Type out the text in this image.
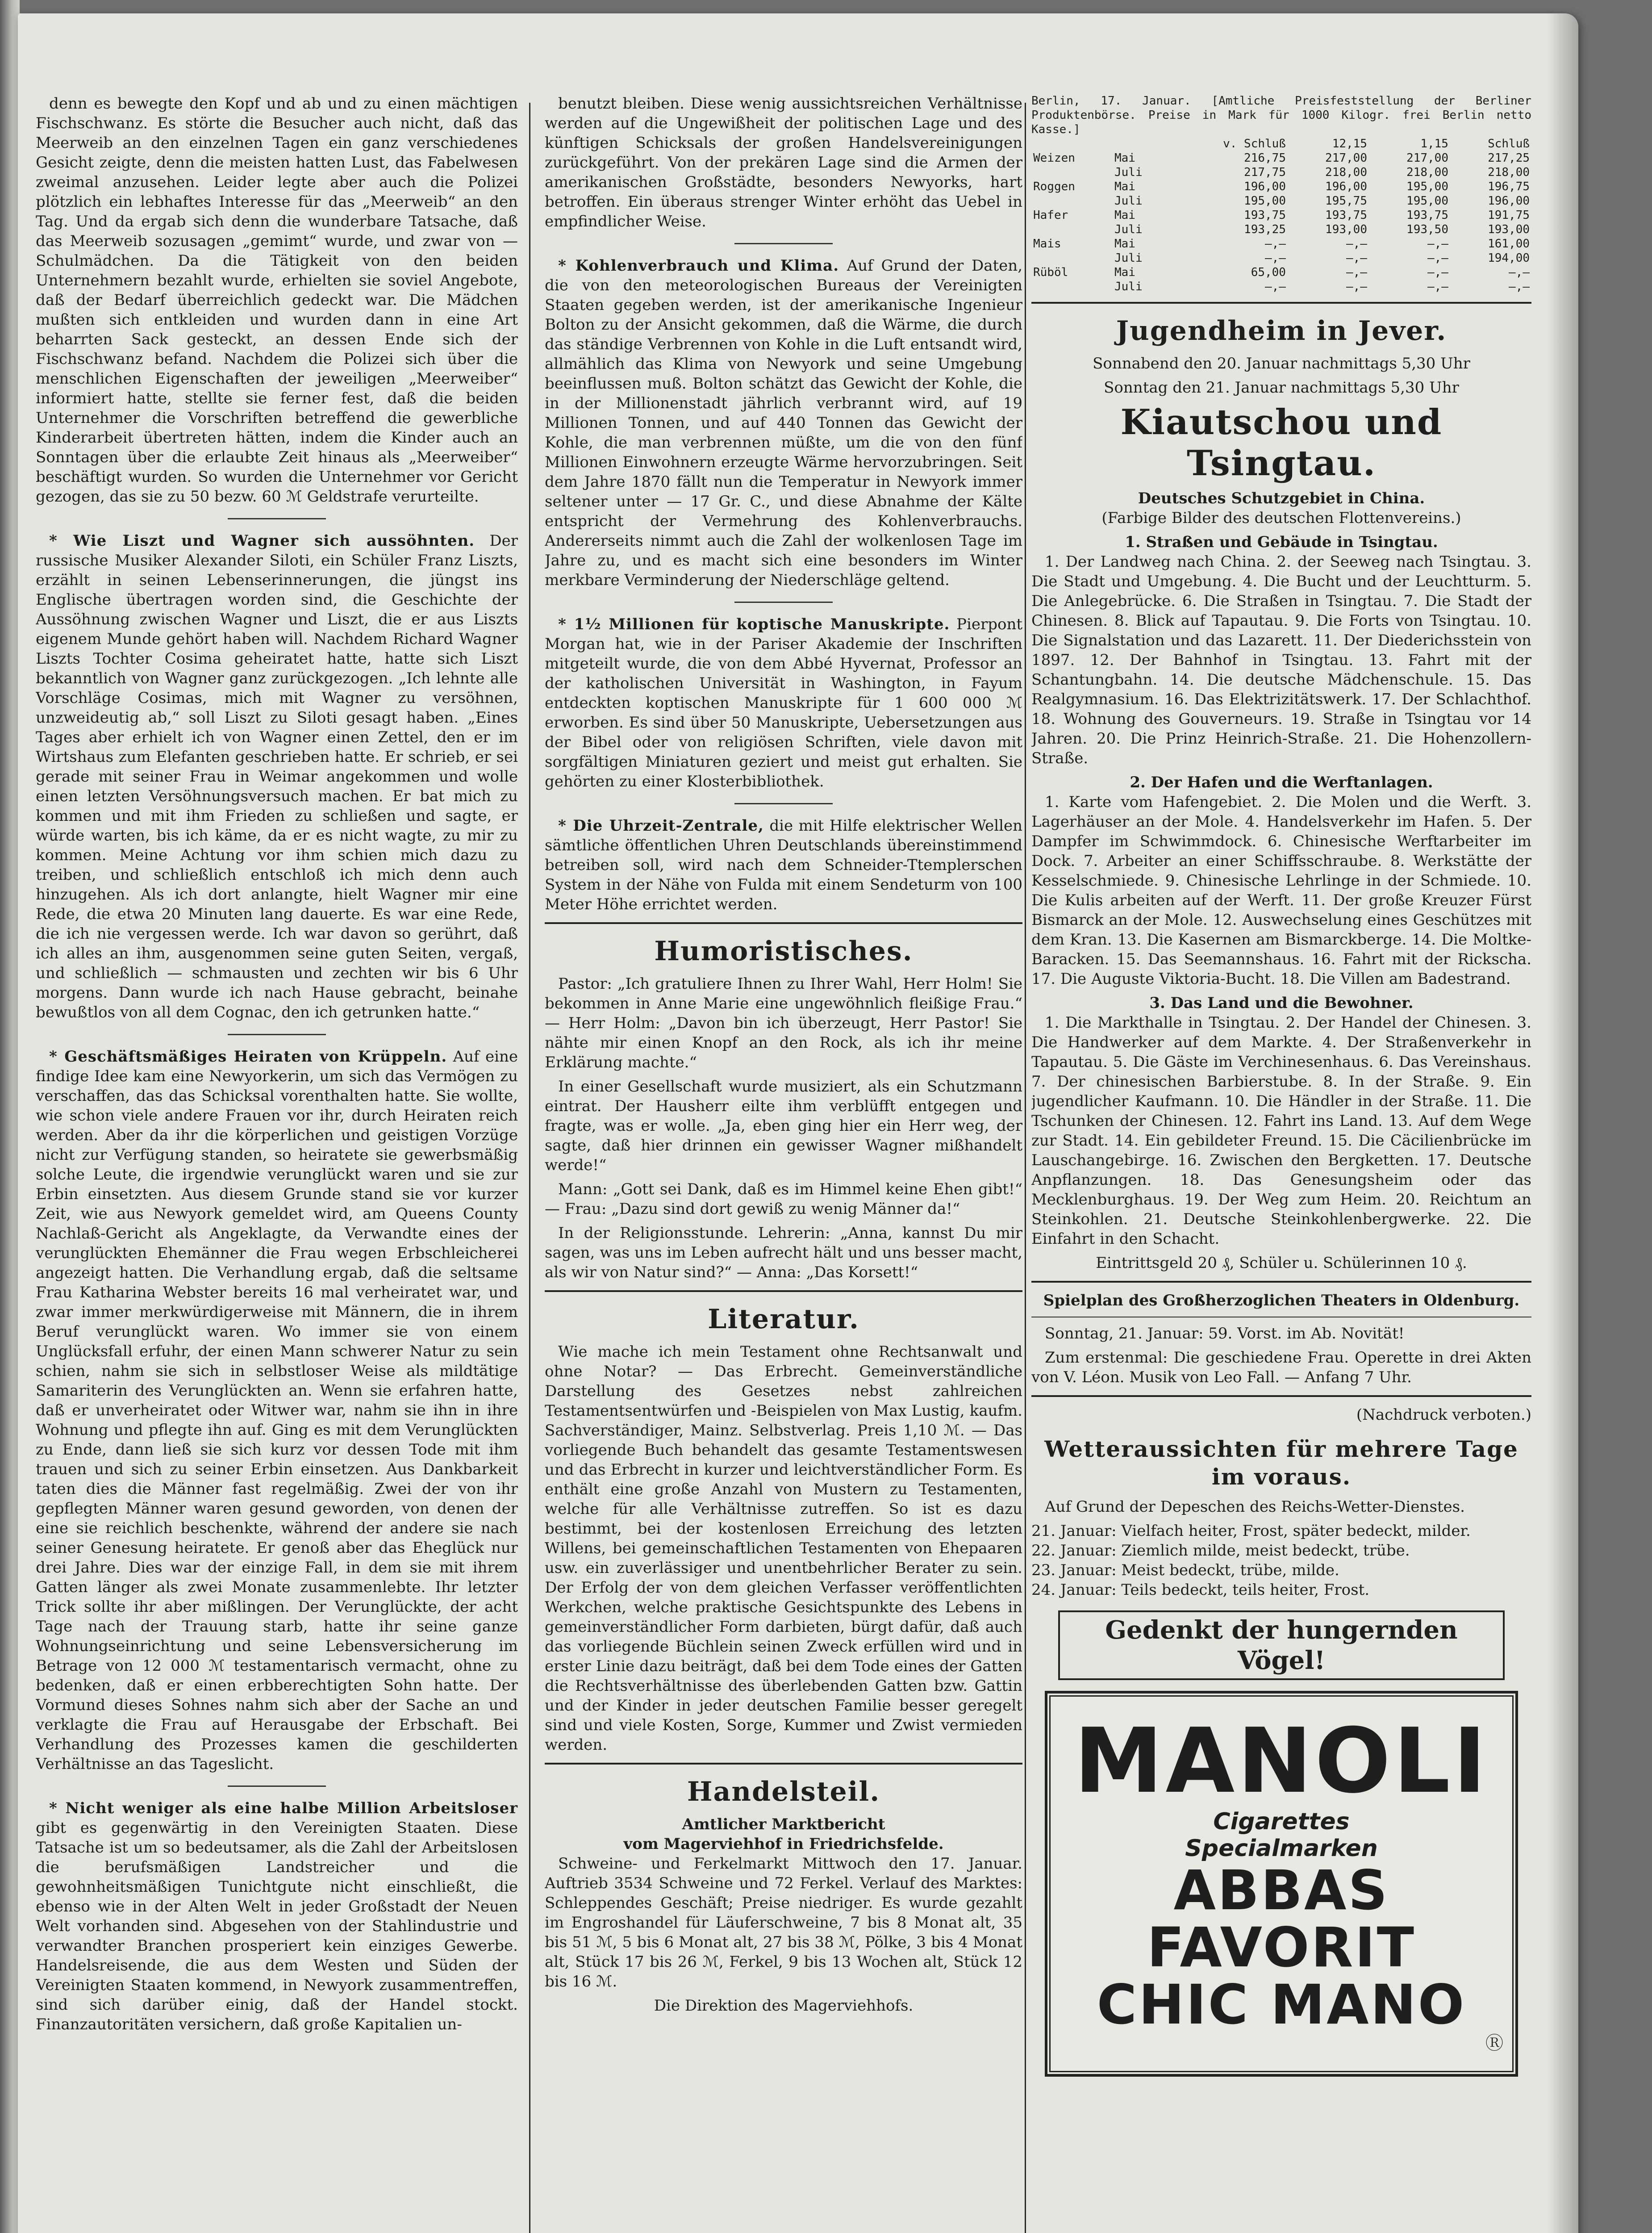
denn es bewegte den Kopf und ab und zu einen mächtigen Fischschwanz. Es störte die Besucher auch nicht, daß das Meerweib an den einzelnen Tagen ein ganz verschiedenes Gesicht zeigte, denn die meisten hatten Lust, das Fabelwesen zweimal anzusehen. Leider legte aber auch die Polizei plötzlich ein lebhaftes Interesse für das „Meerweib“ an den Tag. Und da ergab sich denn die wunderbare Tatsache, daß das Meerweib sozusagen „gemimt“ wurde, und zwar von — Schulmädchen. Da die Tätigkeit von den beiden Unternehmern bezahlt wurde, erhielten sie soviel Angebote, daß der Bedarf überreichlich gedeckt war. Die Mädchen mußten sich entkleiden und wurden dann in eine Art beharrten Sack gesteckt, an dessen Ende sich der Fischschwanz befand. Nachdem die Polizei sich über die menschlichen Eigenschaften der jeweiligen „Meerweiber“ informiert hatte, stellte sie ferner fest, daß die beiden Unternehmer die Vorschriften betreffend die gewerbliche Kinderarbeit übertreten hätten, indem die Kinder auch an Sonntagen über die erlaubte Zeit hinaus als „Meerweiber“ beschäftigt wurden. So wurden die Unternehmer vor Gericht gezogen, das sie zu 50 bezw. 60 ℳ Geldstrafe verurteilte.

* Wie Liszt und Wagner sich aussöhnten. Der russische Musiker Alexander Siloti, ein Schüler Franz Liszts, erzählt in seinen Lebenserinnerungen, die jüngst ins Englische übertragen worden sind, die Geschichte der Aussöhnung zwischen Wagner und Liszt, die er aus Liszts eigenem Munde gehört haben will. Nachdem Richard Wagner Liszts Tochter Cosima geheiratet hatte, hatte sich Liszt bekanntlich von Wagner ganz zurückgezogen. „Ich lehnte alle Vorschläge Cosimas, mich mit Wagner zu versöhnen, unzweideutig ab,“ soll Liszt zu Siloti gesagt haben. „Eines Tages aber erhielt ich von Wagner einen Zettel, den er im Wirtshaus zum Elefanten geschrieben hatte. Er schrieb, er sei gerade mit seiner Frau in Weimar angekommen und wolle einen letzten Versöhnungsversuch machen. Er bat mich zu kommen und mit ihm Frieden zu schließen und sagte, er würde warten, bis ich käme, da er es nicht wagte, zu mir zu kommen. Meine Achtung vor ihm schien mich dazu zu treiben, und schließlich entschloß ich mich denn auch hinzugehen. Als ich dort anlangte, hielt Wagner mir eine Rede, die etwa 20 Minuten lang dauerte. Es war eine Rede, die ich nie vergessen werde. Ich war davon so gerührt, daß ich alles an ihm, ausgenommen seine guten Seiten, vergaß, und schließlich — schmausten und zechten wir bis 6 Uhr morgens. Dann wurde ich nach Hause gebracht, beinahe bewußtlos von all dem Cognac, den ich getrunken hatte.“

* Geschäftsmäßiges Heiraten von Krüppeln. Auf eine findige Idee kam eine Newyorkerin, um sich das Vermögen zu verschaffen, das das Schicksal vorenthalten hatte. Sie wollte, wie schon viele andere Frauen vor ihr, durch Heiraten reich werden. Aber da ihr die körperlichen und geistigen Vorzüge nicht zur Verfügung standen, so heiratete sie gewerbsmäßig solche Leute, die irgendwie verunglückt waren und sie zur Erbin einsetzten. Aus diesem Grunde stand sie vor kurzer Zeit, wie aus Newyork gemeldet wird, am Queens County Nachlaß-Gericht als Angeklagte, da Verwandte eines der verunglückten Ehemänner die Frau wegen Erbschleicherei angezeigt hatten. Die Verhandlung ergab, daß die seltsame Frau Katharina Webster bereits 16 mal verheiratet war, und zwar immer merkwürdigerweise mit Männern, die in ihrem Beruf verunglückt waren. Wo immer sie von einem Unglücksfall erfuhr, der einen Mann schwerer Natur zu sein schien, nahm sie sich in selbstloser Weise als mildtätige Samariterin des Verunglückten an. Wenn sie erfahren hatte, daß er unverheiratet oder Witwer war, nahm sie ihn in ihre Wohnung und pflegte ihn auf. Ging es mit dem Verunglückten zu Ende, dann ließ sie sich kurz vor dessen Tode mit ihm trauen und sich zu seiner Erbin einsetzen. Aus Dankbarkeit taten dies die Männer fast regelmäßig. Zwei der von ihr gepflegten Männer waren gesund geworden, von denen der eine sie reichlich beschenkte, während der andere sie nach seiner Genesung heiratete. Er genoß aber das Eheglück nur drei Jahre. Dies war der einzige Fall, in dem sie mit ihrem Gatten länger als zwei Monate zusammenlebte. Ihr letzter Trick sollte ihr aber mißlingen. Der Verunglückte, der acht Tage nach der Trauung starb, hatte ihr seine ganze Wohnungseinrichtung und seine Lebensversicherung im Betrage von 12 000 ℳ testamentarisch vermacht, ohne zu bedenken, daß er einen erbberechtigten Sohn hatte. Der Vormund dieses Sohnes nahm sich aber der Sache an und verklagte die Frau auf Herausgabe der Erbschaft. Bei Verhandlung des Prozesses kamen die geschilderten Verhältnisse an das Tageslicht.

* Nicht weniger als eine halbe Million Arbeitsloser gibt es gegenwärtig in den Vereinigten Staaten. Diese Tatsache ist um so bedeutsamer, als die Zahl der Arbeitslosen die berufsmäßigen Landstreicher und die gewohnheitsmäßigen Tunichtgute nicht einschließt, die ebenso wie in der Alten Welt in jeder Großstadt der Neuen Welt vorhanden sind. Abgesehen von der Stahlindustrie und verwandter Branchen prosperiert kein einziges Gewerbe. Handelsreisende, die aus dem Westen und Süden der Vereinigten Staaten kommend, in Newyork zusammentreffen, sind sich darüber einig, daß der Handel stockt. Finanzautoritäten versichern, daß große Kapitalien un-

benutzt bleiben. Diese wenig aussichtsreichen Verhältnisse werden auf die Ungewißheit der politischen Lage und des künftigen Schicksals der großen Handelsvereinigungen zurückgeführt. Von der prekären Lage sind die Armen der amerikanischen Großstädte, besonders Newyorks, hart betroffen. Ein überaus strenger Winter erhöht das Uebel in empfindlicher Weise.

* Kohlenverbrauch und Klima. Auf Grund der Daten, die von den meteorologischen Bureaus der Vereinigten Staaten gegeben werden, ist der amerikanische Ingenieur Bolton zu der Ansicht gekommen, daß die Wärme, die durch das ständige Verbrennen von Kohle in die Luft entsandt wird, allmählich das Klima von Newyork und seine Umgebung beeinflussen muß. Bolton schätzt das Gewicht der Kohle, die in der Millionenstadt jährlich verbrannt wird, auf 19 Millionen Tonnen, und auf 440 Tonnen das Gewicht der Kohle, die man verbrennen müßte, um die von den fünf Millionen Einwohnern erzeugte Wärme hervorzubringen. Seit dem Jahre 1870 fällt nun die Temperatur in Newyork immer seltener unter — 17 Gr. C., und diese Abnahme der Kälte entspricht der Vermehrung des Kohlenverbrauchs. Andererseits nimmt auch die Zahl der wolkenlosen Tage im Jahre zu, und es macht sich eine besonders im Winter merkbare Verminderung der Niederschläge geltend.

* 1½ Millionen für koptische Manuskripte. Pierpont Morgan hat, wie in der Pariser Akademie der Inschriften mitgeteilt wurde, die von dem Abbé Hyvernat, Professor an der katholischen Universität in Washington, in Fayum entdeckten koptischen Manuskripte für 1 600 000 ℳ erworben. Es sind über 50 Manuskripte, Uebersetzungen aus der Bibel oder von religiösen Schriften, viele davon mit sorgfältigen Miniaturen geziert und meist gut erhalten. Sie gehörten zu einer Klosterbibliothek.

* Die Uhrzeit-Zentrale, die mit Hilfe elektrischer Wellen sämtliche öffentlichen Uhren Deutschlands übereinstimmend betreiben soll, wird nach dem Schneider-Ttemplerschen System in der Nähe von Fulda mit einem Sendeturm von 100 Meter Höhe errichtet werden.

Humoristisches.

Pastor: „Ich gratuliere Ihnen zu Ihrer Wahl, Herr Holm! Sie bekommen in Anne Marie eine ungewöhnlich fleißige Frau.“ — Herr Holm: „Davon bin ich überzeugt, Herr Pastor! Sie nähte mir einen Knopf an den Rock, als ich ihr meine Erklärung machte.“

In einer Gesellschaft wurde musiziert, als ein Schutzmann eintrat. Der Hausherr eilte ihm verblüfft entgegen und fragte, was er wolle. „Ja, eben ging hier ein Herr weg, der sagte, daß hier drinnen ein gewisser Wagner mißhandelt werde!“

Mann: „Gott sei Dank, daß es im Himmel keine Ehen gibt!“ — Frau: „Dazu sind dort gewiß zu wenig Männer da!“

In der Religionsstunde. Lehrerin: „Anna, kannst Du mir sagen, was uns im Leben aufrecht hält und uns besser macht, als wir von Natur sind?“ — Anna: „Das Korsett!“

Literatur.

Wie mache ich mein Testament ohne Rechtsanwalt und ohne Notar? — Das Erbrecht. Gemeinverständliche Darstellung des Gesetzes nebst zahlreichen Testamentsentwürfen und -Beispielen von Max Lustig, kaufm. Sachverständiger, Mainz. Selbstverlag. Preis 1,10 ℳ. — Das vorliegende Buch behandelt das gesamte Testamentswesen und das Erbrecht in kurzer und leichtverständlicher Form. Es enthält eine große Anzahl von Mustern zu Testamenten, welche für alle Verhältnisse zutreffen. So ist es dazu bestimmt, bei der kostenlosen Erreichung des letzten Willens, bei gemeinschaftlichen Testamenten von Ehepaaren usw. ein zuverlässiger und unentbehrlicher Berater zu sein. Der Erfolg der von dem gleichen Verfasser veröffentlichten Werkchen, welche praktische Gesichtspunkte des Lebens in gemeinverständlicher Form darbieten, bürgt dafür, daß auch das vorliegende Büchlein seinen Zweck erfüllen wird und in erster Linie dazu beiträgt, daß bei dem Tode eines der Gatten die Rechtsverhältnisse des überlebenden Gatten bzw. Gattin und der Kinder in jeder deutschen Familie besser geregelt sind und viele Kosten, Sorge, Kummer und Zwist vermieden werden.

Handelsteil.
Amtlicher Marktbericht
vom Magerviehhof in Friedrichsfelde.

Schweine- und Ferkelmarkt Mittwoch den 17. Januar. Auftrieb 3534 Schweine und 72 Ferkel. Verlauf des Marktes: Schleppendes Geschäft; Preise niedriger. Es wurde gezahlt im Engroshandel für Läuferschweine, 7 bis 8 Monat alt, 35 bis 51 ℳ, 5 bis 6 Monat alt, 27 bis 38 ℳ, Pölke, 3 bis 4 Monat alt, Stück 17 bis 26 ℳ, Ferkel, 9 bis 13 Wochen alt, Stück 12 bis 16 ℳ.

Die Direktion des Magerviehhofs.

Berlin, 17. Januar. [Amtliche Preisfeststellung der Berliner Produktenbörse. Preise in Mark für 1000 Kilogr. frei Berlin netto Kasse.]
		v. Schluß	12,15	1,15	Schluß
Weizen	Mai	216,75	217,00	217,00	217,25
	Juli	217,75	218,00	218,00	218,00
Roggen	Mai	196,00	196,00	195,00	196,75
	Juli	195,00	195,75	195,00	196,00
Hafer	Mai	193,75	193,75	193,75	191,75
	Juli	193,25	193,00	193,50	193,00
Mais	Mai	—,—	—,—	—,—	161,00
	Juli	—,—	—,—	—,—	194,00
Rüböl	Mai	65,00	—,—	—,—	—,—
	Juli	—,—	—,—	—,—	—,—
Jugendheim in Jever.

Sonnabend den 20. Januar nachmittags 5,30 Uhr

Sonntag den 21. Januar nachmittags 5,30 Uhr

Kiautschou und Tsingtau.
Deutsches Schutzgebiet in China.

(Farbige Bilder des deutschen Flottenvereins.)

1. Straßen und Gebäude in Tsingtau.

1. Der Landweg nach China. 2. der Seeweg nach Tsingtau. 3. Die Stadt und Umgebung. 4. Die Bucht und der Leuchtturm. 5. Die Anlegebrücke. 6. Die Straßen in Tsingtau. 7. Die Stadt der Chinesen. 8. Blick auf Tapautau. 9. Die Forts von Tsingtau. 10. Die Signalstation und das Lazarett. 11. Der Diederichsstein von 1897. 12. Der Bahnhof in Tsingtau. 13. Fahrt mit der Schantungbahn. 14. Die deutsche Mädchenschule. 15. Das Realgymnasium. 16. Das Elektrizitätswerk. 17. Der Schlachthof. 18. Wohnung des Gouverneurs. 19. Straße in Tsingtau vor 14 Jahren. 20. Die Prinz Heinrich-Straße. 21. Die Hohenzollern-Straße.

2. Der Hafen und die Werftanlagen.

1. Karte vom Hafengebiet. 2. Die Molen und die Werft. 3. Lagerhäuser an der Mole. 4. Handelsverkehr im Hafen. 5. Der Dampfer im Schwimmdock. 6. Chinesische Werftarbeiter im Dock. 7. Arbeiter an einer Schiffsschraube. 8. Werkstätte der Kesselschmiede. 9. Chinesische Lehrlinge in der Schmiede. 10. Die Kulis arbeiten auf der Werft. 11. Der große Kreuzer Fürst Bismarck an der Mole. 12. Auswechselung eines Geschützes mit dem Kran. 13. Die Kasernen am Bismarckberge. 14. Die Moltke-Baracken. 15. Das Seemannshaus. 16. Fahrt mit der Rickscha. 17. Die Auguste Viktoria-Bucht. 18. Die Villen am Badestrand.

3. Das Land und die Bewohner.

1. Die Markthalle in Tsingtau. 2. Der Handel der Chinesen. 3. Die Handwerker auf dem Markte. 4. Der Straßenverkehr in Tapautau. 5. Die Gäste im Verchinesenhaus. 6. Das Vereinshaus. 7. Der chinesischen Barbierstube. 8. In der Straße. 9. Ein jugendlicher Kaufmann. 10. Die Händler in der Straße. 11. Die Tschunken der Chinesen. 12. Fahrt ins Land. 13. Auf dem Wege zur Stadt. 14. Ein gebildeter Freund. 15. Die Cäcilienbrücke im Lauschangebirge. 16. Zwischen den Bergketten. 17. Deutsche Anpflanzungen. 18. Das Genesungsheim oder das Mecklenburghaus. 19. Der Weg zum Heim. 20. Reichtum an Steinkohlen. 21. Deutsche Steinkohlenbergwerke. 22. Die Einfahrt in den Schacht.

Eintrittsgeld 20 ₰, Schüler u. Schülerinnen 10 ₰.

Spielplan des Großherzoglichen Theaters in Oldenburg.

Sonntag, 21. Januar: 59. Vorst. im Ab. Novität!

Zum erstenmal: Die geschiedene Frau. Operette in drei Akten von V. Léon. Musik von Leo Fall. — Anfang 7 Uhr.

(Nachdruck verboten.)

Wetteraussichten für mehrere Tage im voraus.

Auf Grund der Depeschen des Reichs-Wetter-Dienstes.

21. Januar: Vielfach heiter, Frost, später bedeckt, milder.
22. Januar: Ziemlich milde, meist bedeckt, trübe.
23. Januar: Meist bedeckt, trübe, milde.
24. Januar: Teils bedeckt, teils heiter, Frost.
Gedenkt der hungernden Vögel!
MANOLI
Cigarettes
Specialmarken
ABBAS
FAVORIT
CHIC MANO
Ⓡ
